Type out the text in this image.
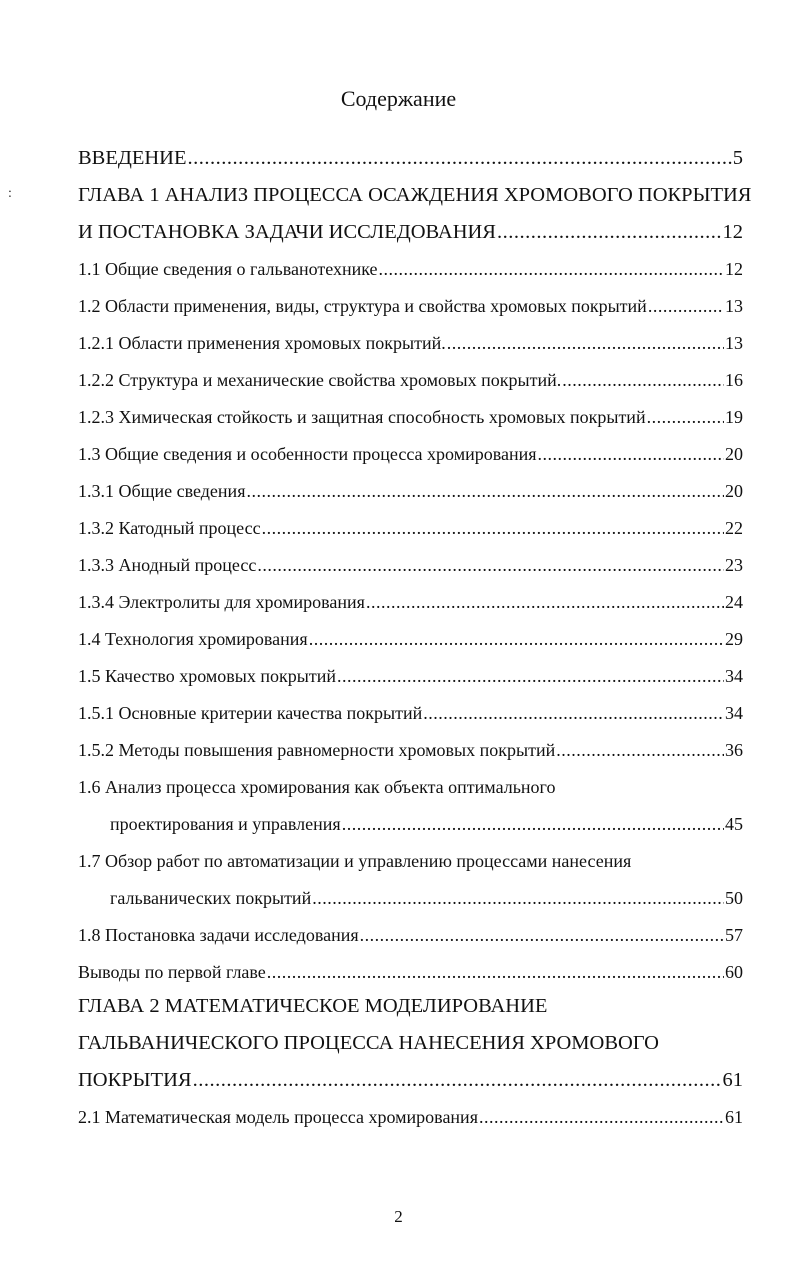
Содержание
:
ВВЕДЕНИЕ .....	5
ГЛАВА 1 АНАЛИЗ ПРОЦЕССА ОСАЖДЕНИЯ ХРОМОВОГО ПОКРЫТИЯ
И ПОСТАНОВКА ЗАДАЧИ ИССЛЕДОВАНИЯ .....	12
1.1 Общие сведения о гальванотехнике .....	12
1.2 Области применения, виды, структура и свойства хромовых покрытий .....	13
1.2.1 Области применения хромовых покрытий. .....	13
1.2.2 Структура и механические свойства хромовых покрытий. .....	16
1.2.3 Химическая стойкость и защитная способность хромовых покрытий .....	19
1.3 Общие сведения и особенности процесса хромирования .....	20
1.3.1 Общие сведения .....	20
1.3.2 Катодный процесс .....	22
1.3.3 Анодный процесс .....	23
1.3.4 Электролиты для хромирования .....	24
1.4 Технология хромирования .....	29
1.5 Качество хромовых покрытий .....	34
1.5.1 Основные критерии качества покрытий .....	34
1.5.2 Методы повышения равномерности хромовых покрытий .....	36
1.6 Анализ процесса хромирования как объекта оптимального
проектирования и управления .....	45
1.7 Обзор работ по автоматизации и управлению процессами нанесения
гальванических покрытий .....	50
1.8 Постановка задачи исследования .....	57
Выводы по первой главе .....	60
ГЛАВА 2 МАТЕМАТИЧЕСКОЕ МОДЕЛИРОВАНИЕ
ГАЛЬВАНИЧЕСКОГО ПРОЦЕССА НАНЕСЕНИЯ ХРОМОВОГО
ПОКРЫТИЯ .....	61
2.1 Математическая модель процесса хромирования .....	61
2
